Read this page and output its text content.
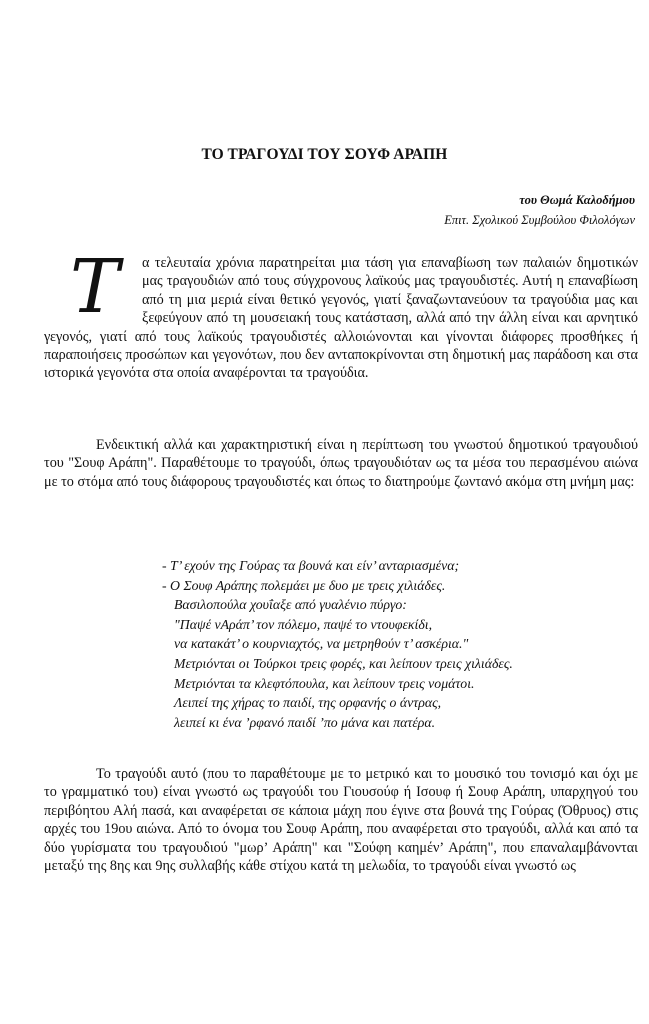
ΤΟ ΤΡΑΓΟΥΔΙ ΤΟΥ ΣΟΥΦ ΑΡΑΠΗ
του Θωμά Καλοδήμου
Επιτ. Σχολικού Συμβούλου Φιλολόγων
Τ	α τελευταία χρόνια παρατηρείται μια τάση για επαναβίωση των παλαιών δημοτικών μας τραγουδιών από τους σύγχρονους λαϊκούς μας τραγουδιστές. Αυτή η επαναβίωση από τη μια μεριά είναι θετικό γεγονός, γιατί ξαναζωντανεύουν τα τραγούδια μας και ξεφεύγουν από τη μουσειακή τους κατάσταση, αλλά από την άλλη είναι και αρνητικό γεγονός, γιατί από τους λαϊκούς τραγουδιστές αλλοιώνονται και γίνονται διάφορες προσθήκες ή παραποιήσεις προσώπων και γεγονότων, που δεν ανταποκρίνονται στη δημοτική μας παράδοση και στα ιστορικά γεγονότα στα οποία αναφέρονται τα τραγούδια.
Ενδεικτική αλλά και χαρακτηριστική είναι η περίπτωση του γνωστού δημοτικού τραγουδιού του "Σουφ Αράπη". Παραθέτουμε το τραγούδι, όπως τραγουδιόταν ως τα μέσα του περασμένου αιώνα με το στόμα από τους διάφορους τραγουδιστές και όπως το διατηρούμε ζωντανό ακόμα στη μνήμη μας:
- Τ’ εχούν της Γούρας τα βουνά και είν’ ανταριασμένα;
- Ο Σουφ Αράπης πολεμάει με δυο με τρεις χιλιάδες.
Βασιλοπούλα χουΐαξε από γυαλένιο πύργο:
"Παψέ νΑράπ’ τον πόλεμο, παψέ το ντουφεκίδι,
να κατακάτ’ ο κουρνιαχτός, να μετρηθούν τ’ ασκέρια."
Μετριόνται οι Τούρκοι τρεις φορές, και λείπουν τρεις χιλιάδες.
Μετριόνται τα κλεφτόπουλα, και λείπουν τρεις νομάτοι.
Λειπεί της χήρας το παιδί, της ορφανής ο άντρας,
λειπεί κι ένα ’ρφανό παιδί ’πο μάνα και πατέρα.
Το τραγούδι αυτό (που το παραθέτουμε με το μετρικό και το μουσικό του τονισμό και όχι με το γραμματικό του) είναι γνωστό ως τραγούδι του Γιουσούφ ή Ισουφ ή Σουφ Αράπη, υπαρχηγού του περιβόητου Αλή πασά, και αναφέρεται σε κάποια μάχη που έγινε στα βουνά της Γούρας (Όθρυος) στις αρχές του 19ου αιώνα. Από το όνομα του Σουφ Αράπη, που αναφέρεται στο τραγούδι, αλλά και από τα δύο γυρίσματα του τραγουδιού "μωρ’ Αράπη" και "Σούφη καημέν’ Αράπη", που επαναλαμβάνονται μεταξύ της 8ης και 9ης συλλαβής κάθε στίχου κατά τη μελωδία, το τραγούδι είναι γνωστό ως
